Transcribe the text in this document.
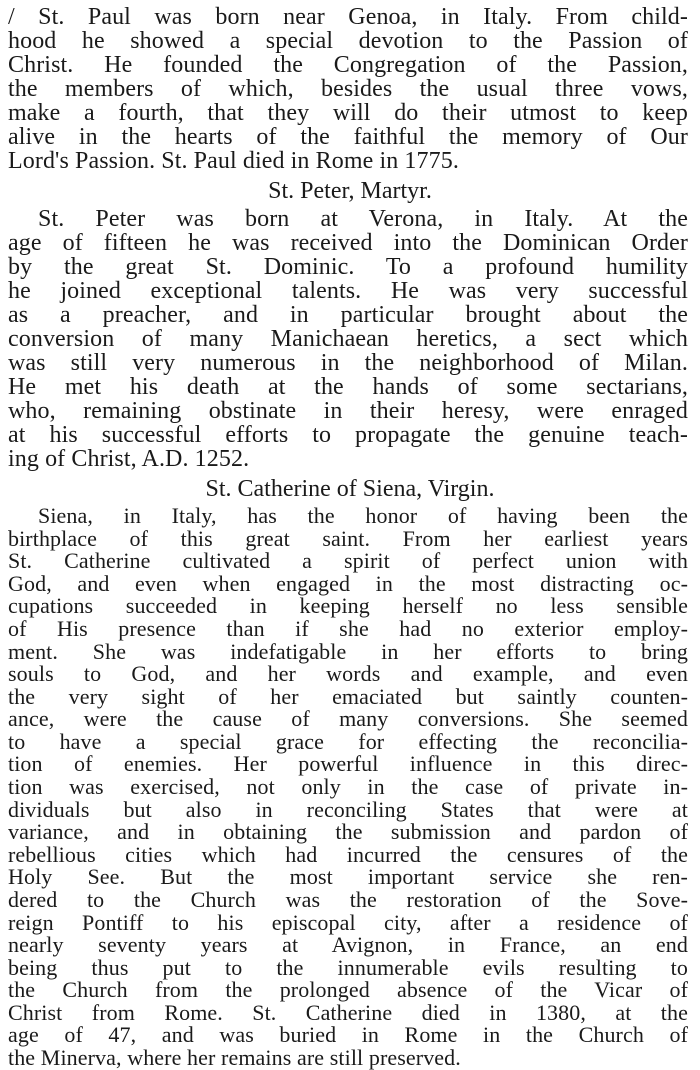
/ St. Paul was born near Genoa, in Italy. From child-
hood he showed a special devotion to the Passion of
Christ. He founded the Congregation of the Passion,
the members of which, besides the usual three vows,
make a fourth, that they will do their utmost to keep
alive in the hearts of the faithful the memory of Our
Lord's Passion. St. Paul died in Rome in 1775.
St. Peter, Martyr.
St. Peter was born at Verona, in Italy. At the
age of fifteen he was received into the Dominican Order
by the great St. Dominic. To a profound humility
he joined exceptional talents. He was very successful
as a preacher, and in particular brought about the
conversion of many Manichaean heretics, a sect which
was still very numerous in the neighborhood of Milan.
He met his death at the hands of some sectarians,
who, remaining obstinate in their heresy, were enraged
at his successful efforts to propagate the genuine teach-
ing of Christ, A.D. 1252.
St. Catherine of Siena, Virgin.
Siena, in Italy, has the honor of having been the
birthplace of this great saint. From her earliest years
St. Catherine cultivated a spirit of perfect union with
God, and even when engaged in the most distracting oc-
cupations succeeded in keeping herself no less sensible
of His presence than if she had no exterior employ-
ment. She was indefatigable in her efforts to bring
souls to God, and her words and example, and even
the very sight of her emaciated but saintly counten-
ance, were the cause of many conversions. She seemed
to have a special grace for effecting the reconcilia-
tion of enemies. Her powerful influence in this direc-
tion was exercised, not only in the case of private in-
dividuals but also in reconciling States that were at
variance, and in obtaining the submission and pardon of
rebellious cities which had incurred the censures of the
Holy See. But the most important service she ren-
dered to the Church was the restoration of the Sove-
reign Pontiff to his episcopal city, after a residence of
nearly seventy years at Avignon, in France, an end
being thus put to the innumerable evils resulting to
the Church from the prolonged absence of the Vicar of
Christ from Rome. St. Catherine died in 1380, at the
age of 47, and was buried in Rome in the Church of
the Minerva, where her remains are still preserved.
